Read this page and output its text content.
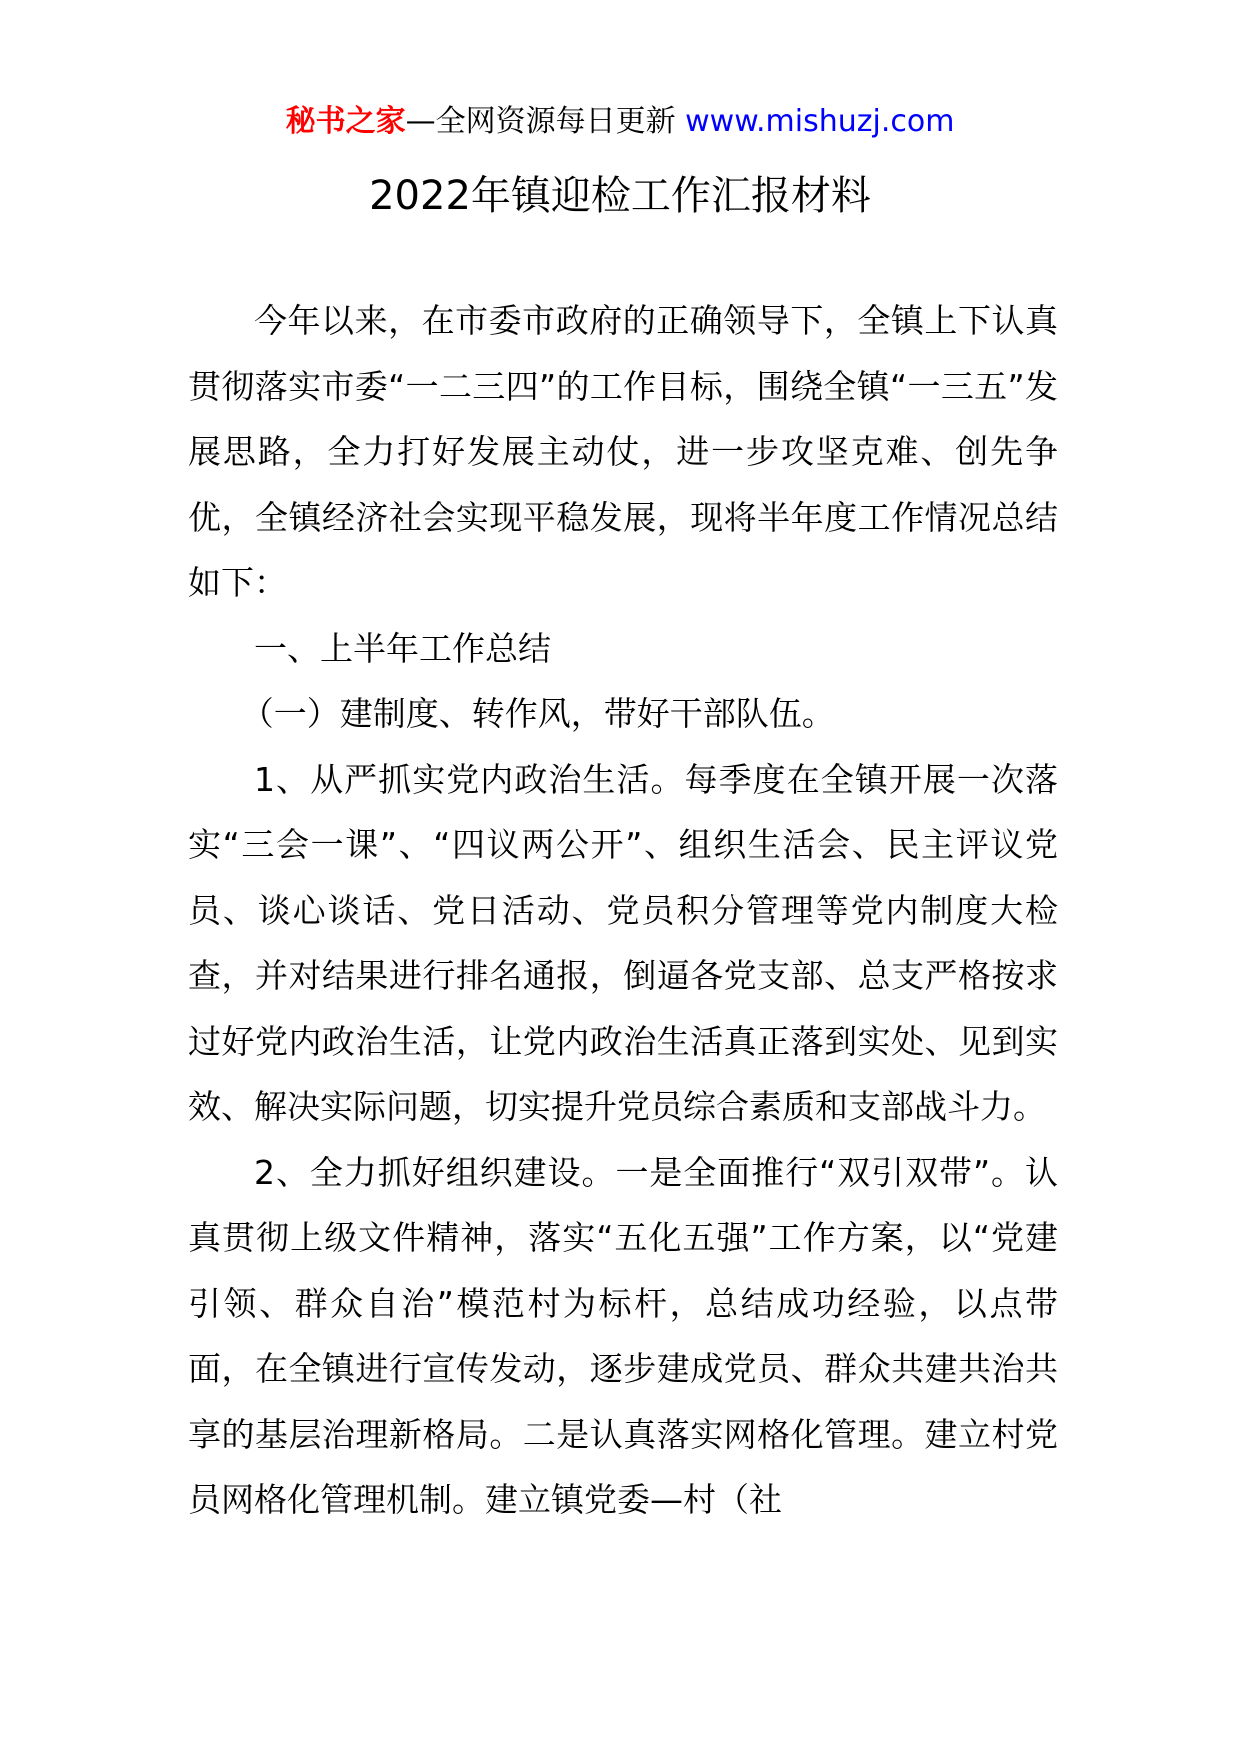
秘书之家—全网资源每日更新 www.mishuzj.com
2022年镇迎检工作汇报材料

今年以来，在市委市政府的正确领导下，全镇上下认真贯彻落实市委“一二三四”的工作目标，围绕全镇“一三五”发展思路，全力打好发展主动仗，进一步攻坚克难、创先争优，全镇经济社会实现平稳发展，现将半年度工作情况总结如下：

一、上半年工作总结

（一）建制度、转作风，带好干部队伍。

1、从严抓实党内政治生活。每季度在全镇开展一次落实“三会一课”、“四议两公开”、组织生活会、民主评议党员、谈心谈话、党日活动、党员积分管理等党内制度大检查，并对结果进行排名通报，倒逼各党支部、总支严格按求过好党内政治生活，让党内政治生活真正落到实处、见到实效、解决实际问题，切实提升党员综合素质和支部战斗力。

2、全力抓好组织建设。一是全面推行“双引双带”。认真贯彻上级文件精神，落实“五化五强”工作方案，以“党建引领、群众自治”模范村为标杆，总结成功经验，以点带面，在全镇进行宣传发动，逐步建成党员、群众共建共治共享的基层治理新格局。二是认真落实网格化管理。建立村党员网格化管理机制。建立镇党委—村（社
